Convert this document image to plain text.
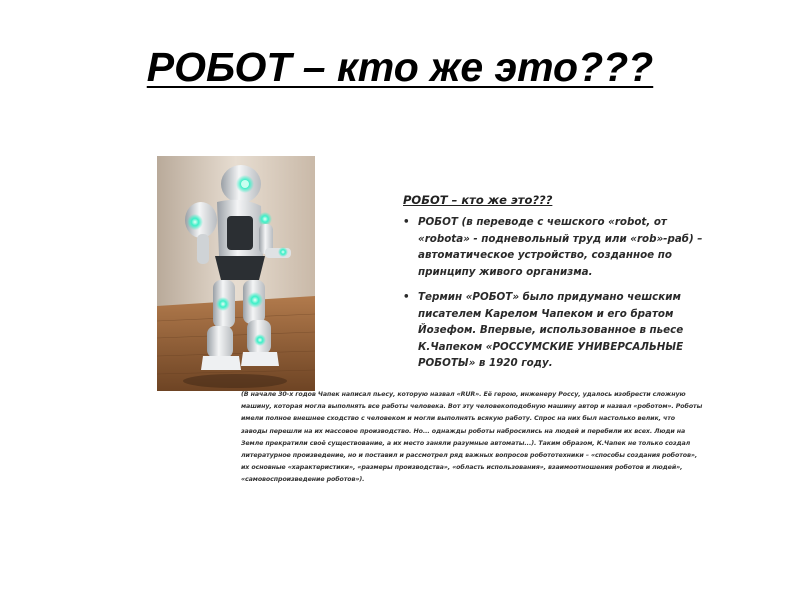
РОБОТ – кто же это???

РОБОТ – кто же это???

• РОБОТ (в переводе с чешского «robot, от «robota» - подневольный труд или «rob»-раб) – автоматическое устройство, созданное по принципу живого организма.
• Термин «РОБОТ» было придумано чешским писателем Карелом Чапеком и его братом Йозефом. Впервые, использованное в пьесе К.Чапеком «РОССУМСКИЕ УНИВЕРСАЛЬНЫЕ РОБОТЫ» в 1920 году.

(В начале 30-х годов Чапек написал пьесу, которую назвал «RUR». Её герою, инженеру Россу, удалось изобрести сложную машину, которая могла выполнять все работы человека. Вот эту человекоподобную машину автор и назвал «роботом». Роботы имели полное внешнее сходство с человеком и могли выполнять всякую работу. Спрос на них был настолько велик, что заводы перешли на их массовое производство. Но... однажды роботы набросились на людей и перебили их всех. Люди на Земле прекратили своё существование, а их место заняли разумные автоматы...). Таким образом, К.Чапек не только создал литературное произведение, но и поставил и рассмотрел ряд важных вопросов робототехники – «способы создания роботов», их основные «характеристики», «размеры производства», «область использования», взаимоотношения роботов и людей», «самовоспроизведение роботов»).
